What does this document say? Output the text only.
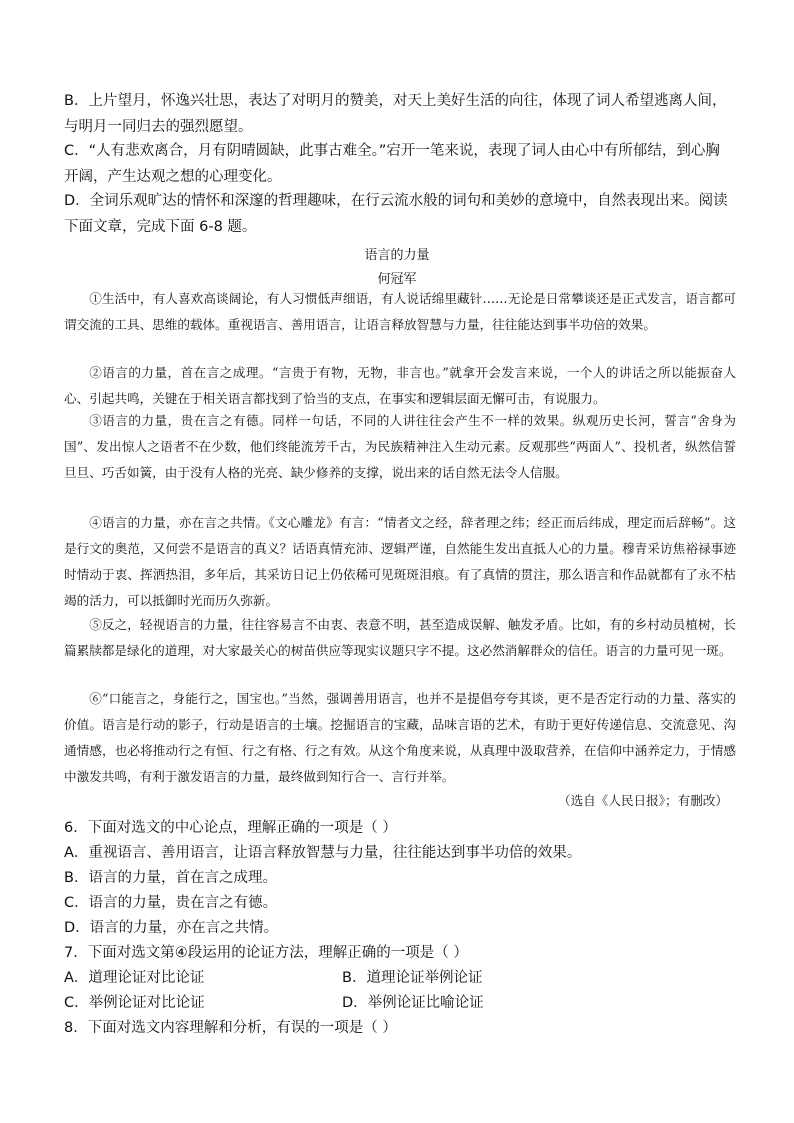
B．上片望月，怀逸兴壮思，表达了对明月的赞美，对天上美好生活的向往，体现了词人希望逃离人间，与明月一同归去的强烈愿望。

C．“人有悲欢离合，月有阴晴圆缺，此事古难全。”宕开一笔来说，表现了词人由心中有所郁结，到心胸开阔，产生达观之想的心理变化。

D．全词乐观旷达的情怀和深邃的哲理趣味，在行云流水般的词句和美妙的意境中，自然表现出来。阅读下面文章，完成下面 6-8 题。

语言的力量

何冠军

①生活中，有人喜欢高谈阔论，有人习惯低声细语，有人说话绵里藏针……无论是日常攀谈还是正式发言，语言都可谓交流的工具、思维的载体。重视语言、善用语言，让语言释放智慧与力量，往往能达到事半功倍的效果。

②语言的力量，首在言之成理。“言贵于有物，无物，非言也。”就拿开会发言来说，一个人的讲话之所以能振奋人心、引起共鸣，关键在于相关语言都找到了恰当的支点，在事实和逻辑层面无懈可击，有说服力。

③语言的力量，贵在言之有德。同样一句话，不同的人讲往往会产生不一样的效果。纵观历史长河，誓言“舍身为国”、发出惊人之语者不在少数，他们终能流芳千古，为民族精神注入生动元素。反观那些“两面人”、投机者，纵然信誓旦旦、巧舌如簧，由于没有人格的光亮、缺少修养的支撑，说出来的话自然无法令人信服。

④语言的力量，亦在言之共情。《文心雕龙》有言：“情者文之经，辞者理之纬；经正而后纬成，理定而后辞畅”。这是行文的奥范，又何尝不是语言的真义？话语真情充沛、逻辑严谨，自然能生发出直抵人心的力量。穆青采访焦裕禄事迹时情动于衷、挥洒热泪，多年后，其采访日记上仍依稀可见斑斑泪痕。有了真情的贯注，那么语言和作品就都有了永不枯竭的活力，可以抵御时光而历久弥新。

⑤反之，轻视语言的力量，往往容易言不由衷、表意不明，甚至造成误解、触发矛盾。比如，有的乡村动员植树，长篇累牍都是绿化的道理，对大家最关心的树苗供应等现实议题只字不提。这必然消解群众的信任。语言的力量可见一斑。

⑥“口能言之，身能行之，国宝也。”当然，强调善用语言，也并不是提倡夸夸其谈，更不是否定行动的力量、落实的价值。语言是行动的影子，行动是语言的土壤。挖掘语言的宝藏，品味言语的艺术，有助于更好传递信息、交流意见、沟通情感，也必将推动行之有恒、行之有格、行之有效。从这个角度来说，从真理中汲取营养，在信仰中涵养定力，于情感中激发共鸣，有利于激发语言的力量，最终做到知行合一、言行并举。

（选自《人民日报》；有删改）

6．下面对选文的中心论点，理解正确的一项是（ ）

A．重视语言、善用语言，让语言释放智慧与力量，往往能达到事半功倍的效果。

B．语言的力量，首在言之成理。

C．语言的力量，贵在言之有德。

D．语言的力量，亦在言之共情。

7．下面对选文第④段运用的论证方法，理解正确的一项是（ ）

A．道理论证对比论证	B．道理论证举例论证

C．举例论证对比论证	D．举例论证比喻论证

8．下面对选文内容理解和分析，有误的一项是（ ）
